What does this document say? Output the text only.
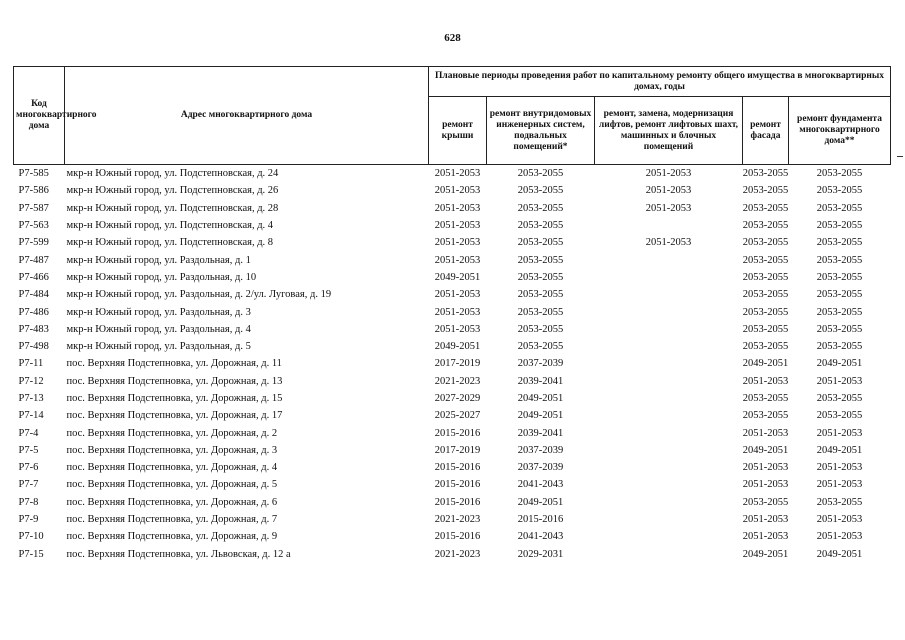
628
Код многоквартирного дома	Адрес многоквартирного дома	Плановые периоды проведения работ по капитальному ремонту общего имущества в многоквартирных домах, годы				
		ремонт крыши	ремонт внутридомовых инженерных систем, подвальных помещений*	ремонт, замена, модернизация лифтов, ремонт лифтовых шахт, машинных и блочных помещений	ремонт фасада	ремонт фундамента многоквартирного дома**
Р7-585	мкр-н Южный город, ул. Подстепновская, д. 24	2051-2053	2053-2055	2051-2053	2053-2055	2053-2055
Р7-586	мкр-н Южный город, ул. Подстепновская, д. 26	2051-2053	2053-2055	2051-2053	2053-2055	2053-2055
Р7-587	мкр-н Южный город, ул. Подстепновская, д. 28	2051-2053	2053-2055	2051-2053	2053-2055	2053-2055
Р7-563	мкр-н Южный город, ул. Подстепновская, д. 4	2051-2053	2053-2055		2053-2055	2053-2055
Р7-599	мкр-н Южный город, ул. Подстепновская, д. 8	2051-2053	2053-2055	2051-2053	2053-2055	2053-2055
Р7-487	мкр-н Южный город, ул. Раздольная, д. 1	2051-2053	2053-2055		2053-2055	2053-2055
Р7-466	мкр-н Южный город, ул. Раздольная, д. 10	2049-2051	2053-2055		2053-2055	2053-2055
Р7-484	мкр-н Южный город, ул. Раздольная, д. 2/ул. Луговая, д. 19	2051-2053	2053-2055		2053-2055	2053-2055
Р7-486	мкр-н Южный город, ул. Раздольная, д. 3	2051-2053	2053-2055		2053-2055	2053-2055
Р7-483	мкр-н Южный город, ул. Раздольная, д. 4	2051-2053	2053-2055		2053-2055	2053-2055
Р7-498	мкр-н Южный город, ул. Раздольная, д. 5	2049-2051	2053-2055		2053-2055	2053-2055
Р7-11	пос. Верхняя Подстепновка, ул. Дорожная, д. 11	2017-2019	2037-2039		2049-2051	2049-2051
Р7-12	пос. Верхняя Подстепновка, ул. Дорожная, д. 13	2021-2023	2039-2041		2051-2053	2051-2053
Р7-13	пос. Верхняя Подстепновка, ул. Дорожная, д. 15	2027-2029	2049-2051		2053-2055	2053-2055
Р7-14	пос. Верхняя Подстепновка, ул. Дорожная, д. 17	2025-2027	2049-2051		2053-2055	2053-2055
Р7-4	пос. Верхняя Подстепновка, ул. Дорожная, д. 2	2015-2016	2039-2041		2051-2053	2051-2053
Р7-5	пос. Верхняя Подстепновка, ул. Дорожная, д. 3	2017-2019	2037-2039		2049-2051	2049-2051
Р7-6	пос. Верхняя Подстепновка, ул. Дорожная, д. 4	2015-2016	2037-2039		2051-2053	2051-2053
Р7-7	пос. Верхняя Подстепновка, ул. Дорожная, д. 5	2015-2016	2041-2043		2051-2053	2051-2053
Р7-8	пос. Верхняя Подстепновка, ул. Дорожная, д. 6	2015-2016	2049-2051		2053-2055	2053-2055
Р7-9	пос. Верхняя Подстепновка, ул. Дорожная, д. 7	2021-2023	2015-2016		2051-2053	2051-2053
Р7-10	пос. Верхняя Подстепновка, ул. Дорожная, д. 9	2015-2016	2041-2043		2051-2053	2051-2053
Р7-15	пос. Верхняя Подстепновка, ул. Львовская, д. 12 а	2021-2023	2029-2031		2049-2051	2049-2051
